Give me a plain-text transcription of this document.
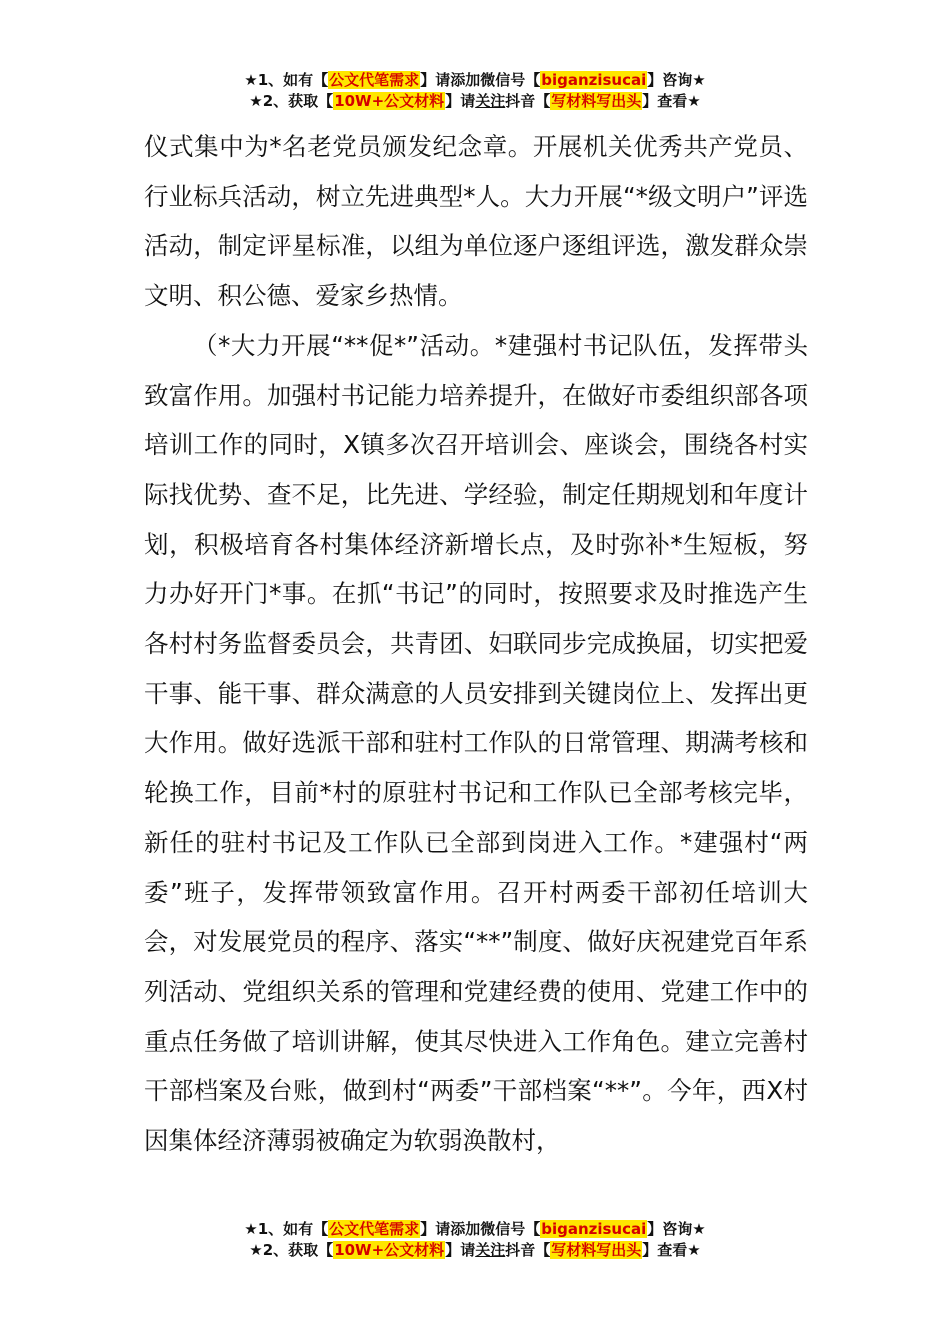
★1、如有【公文代笔需求】请添加微信号【biganzisucai】咨询★
★2、获取【10W+公文材料】请关注抖音【写材料写出头】查看★

仪式集中为*名老党员颁发纪念章。开展机关优秀共产党员、行业标兵活动，树立先进典型*人。大力开展“*级文明户”评选活动，制定评星标准，以组为单位逐户逐组评选，激发群众崇文明、积公德、爱家乡热情。

（*大力开展“**促*”活动。*建强村书记队伍，发挥带头致富作用。加强村书记能力培养提升，在做好市委组织部各项培训工作的同时，X镇多次召开培训会、座谈会，围绕各村实际找优势、查不足，比先进、学经验，制定任期规划和年度计划，积极培育各村集体经济新增长点，及时弥补*生短板，努力办好开门*事。在抓“书记”的同时，按照要求及时推选产生各村村务监督委员会，共青团、妇联同步完成换届，切实把爱干事、能干事、群众满意的人员安排到关键岗位上、发挥出更大作用。做好选派干部和驻村工作队的日常管理、期满考核和轮换工作，目前*村的原驻村书记和工作队已全部考核完毕，新任的驻村书记及工作队已全部到岗进入工作。*建强村“两委”班子，发挥带领致富作用。召开村两委干部初任培训大会，对发展党员的程序、落实“**”制度、做好庆祝建党百年系列活动、党组织关系的管理和党建经费的使用、党建工作中的重点任务做了培训讲解，使其尽快进入工作角色。建立完善村干部档案及台账，做到村“两委”干部档案“**”。今年，西X村因集体经济薄弱被确定为软弱涣散村，

★1、如有【公文代笔需求】请添加微信号【biganzisucai】咨询★
★2、获取【10W+公文材料】请关注抖音【写材料写出头】查看★
